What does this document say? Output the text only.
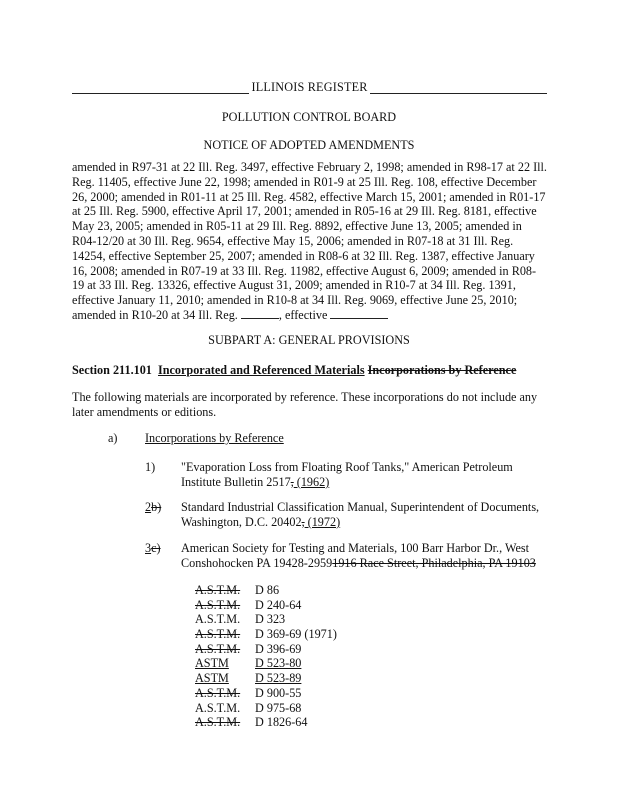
ILLINOIS REGISTER
POLLUTION CONTROL BOARD
NOTICE OF ADOPTED AMENDMENTS
amended in R97-31 at 22 Ill. Reg. 3497, effective February 2, 1998; amended in R98-17 at 22 Ill. Reg. 11405, effective June 22, 1998; amended in R01-9 at 25 Ill. Reg. 108, effective December 26, 2000; amended in R01-11 at 25 Ill. Reg. 4582, effective March 15, 2001; amended in R01-17 at 25 Ill. Reg. 5900, effective April 17, 2001; amended in R05-16 at 29 Ill. Reg. 8181, effective May 23, 2005; amended in R05-11 at 29 Ill. Reg. 8892, effective June 13, 2005; amended in R04-12/20 at 30 Ill. Reg. 9654, effective May 15, 2006; amended in R07-18 at 31 Ill. Reg. 14254, effective September 25, 2007; amended in R08-6 at 32 Ill. Reg. 1387, effective January 16, 2008; amended in R07-19 at 33 Ill. Reg. 11982, effective August 6, 2009; amended in R08-19 at 33 Ill. Reg. 13326, effective August 31, 2009; amended in R10-7 at 34 Ill. Reg. 1391, effective January 11, 2010; amended in R10-8 at 34 Ill. Reg. 9069, effective June 25, 2010; amended in R10-20 at 34 Ill. Reg.	, effective
SUBPART A: GENERAL PROVISIONS
Section 211.101 Incorporated and Referenced Materials Incorporations by Reference
The following materials are incorporated by reference. These incorporations do not include any later amendments or editions.
a) Incorporations by Reference
1) "Evaporation Loss from Floating Roof Tanks," American Petroleum Institute Bulletin 2517, (1962)
2b) Standard Industrial Classification Manual, Superintendent of Documents, Washington, D.C. 20402, (1972)
3c) American Society for Testing and Materials, 100 Barr Harbor Dr., West Conshohocken PA 19428-29591916 Race Street, Philadelphia, PA 19103
A.S.T.M.	D 86
A.S.T.M.	D 240-64
A.S.T.M.	D 323
A.S.T.M.	D 369-69 (1971)
A.S.T.M.	D 396-69
ASTM	D 523-80
ASTM	D 523-89
A.S.T.M.	D 900-55
A.S.T.M.	D 975-68
A.S.T.M.	D 1826-64
